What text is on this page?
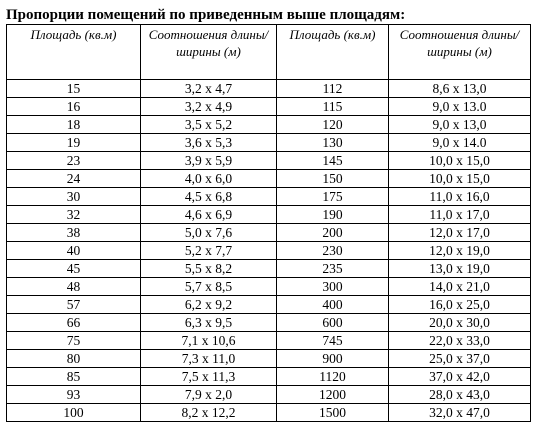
Пропорции помещений по приведенным выше площадям:
Площадь (кв.м)	Соотношения длины/ширины (м)	Площадь (кв.м)	Соотношения длины/ширины (м)
15	3,2 х 4,7	112	8,6 х 13,0
16	3,2 х 4,9	115	9,0 х 13.0
18	3,5 х 5,2	120	9,0 х 13,0
19	3,6 х 5,3	130	9,0 х 14.0
23	3,9 х 5,9	145	10,0 х 15,0
24	4,0 х 6,0	150	10,0 х 15,0
30	4,5 х 6,8	175	11,0 х 16,0
32	4,6 х 6,9	190	11,0 х 17,0
38	5,0 х 7,6	200	12,0 х 17,0
40	5,2 х 7,7	230	12,0 х 19,0
45	5,5 х 8,2	235	13,0 х 19,0
48	5,7 х 8,5	300	14,0 х 21,0
57	6,2 х 9,2	400	16,0 х 25,0
66	6,3 х 9,5	600	20,0 х 30,0
75	7,1 х 10,6	745	22,0 х 33,0
80	7,3 х 11,0	900	25,0 х 37,0
85	7,5 х 11,3	1120	37,0 х 42,0
93	7,9 х 2,0	1200	28,0 х 43,0
100	8,2 х 12,2	1500	32,0 х 47,0
